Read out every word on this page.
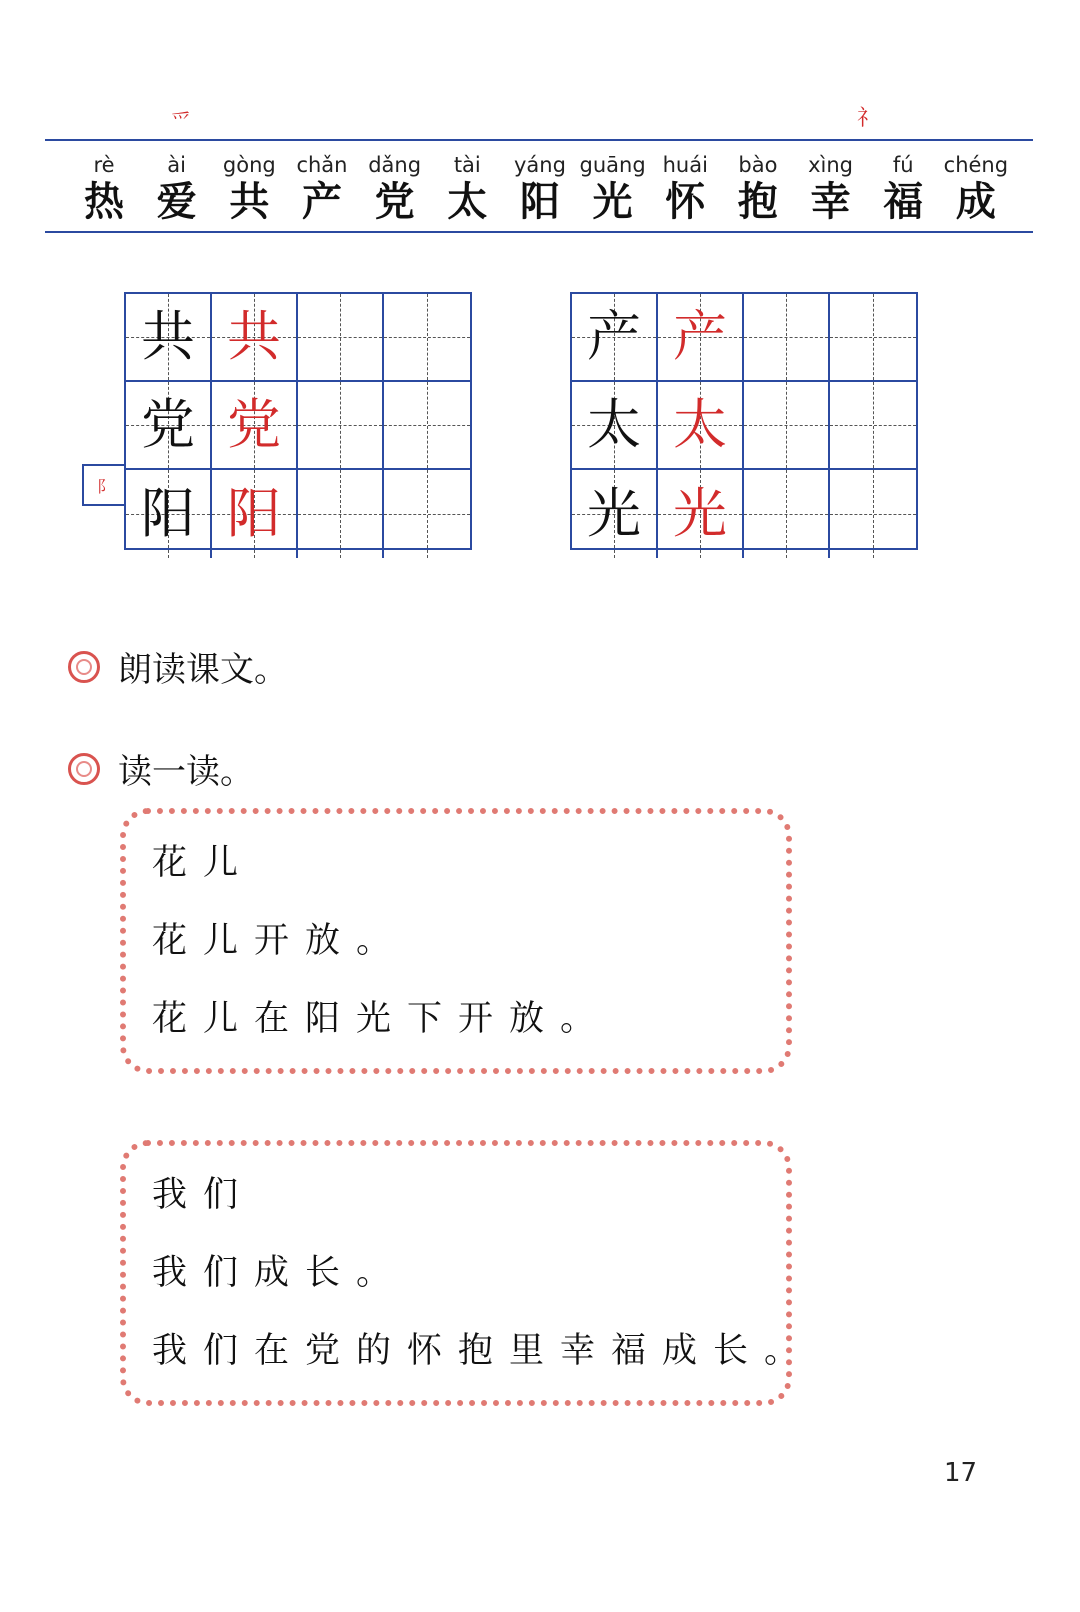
爫	礻
rè
热
ài
爱
gòng
共
chǎn
产
dǎng
党
tài
太
yáng
阳
guāng
光
huái
怀
bào
抱
xìng
幸
fú
福
chéng
成
共 共
党 党
阳 阳
阝
产 产
太 太
光 光
朗读课文。
读一读。
花儿
花儿开放。
花儿在阳光下开放。
我们
我们成长。
我们在党的怀抱里幸福成长。
17
